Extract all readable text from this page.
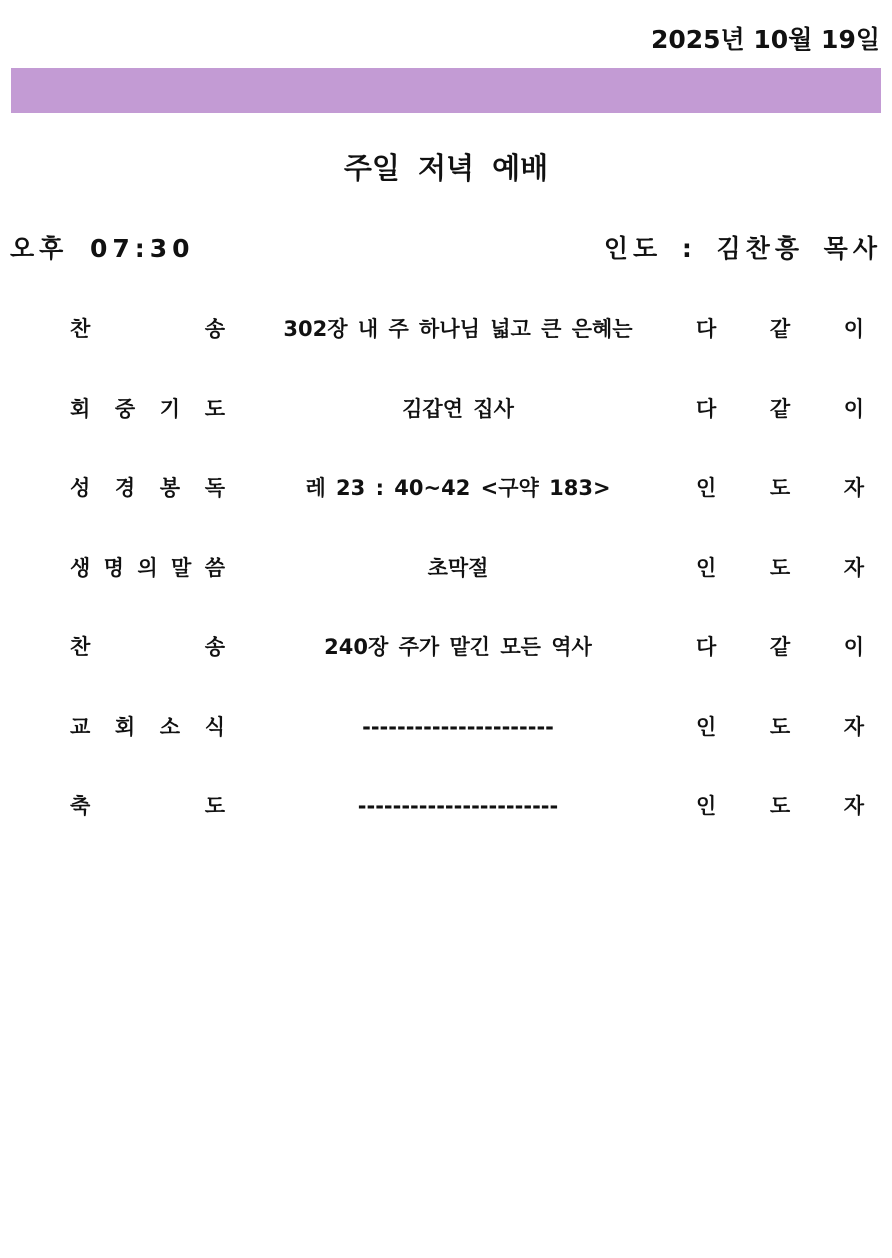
2025년 10월 19일
주일 저녁 예배
오후 07:30	인도 : 김찬흥 목사
찬 송	302장 내 주 하나님 넓고 큰 은혜는	다 같 이
회 중 기 도	김갑연 집사	다 같 이
성 경 봉 독	레 23 : 40~42 <구약 183>	인 도 자
생 명 의 말 씀	초막절	인 도 자
찬 송	240장 주가 맡긴 모든 역사	다 같 이
교 회 소 식	----------------------	인 도 자
축 도	-----------------------	인 도 자
